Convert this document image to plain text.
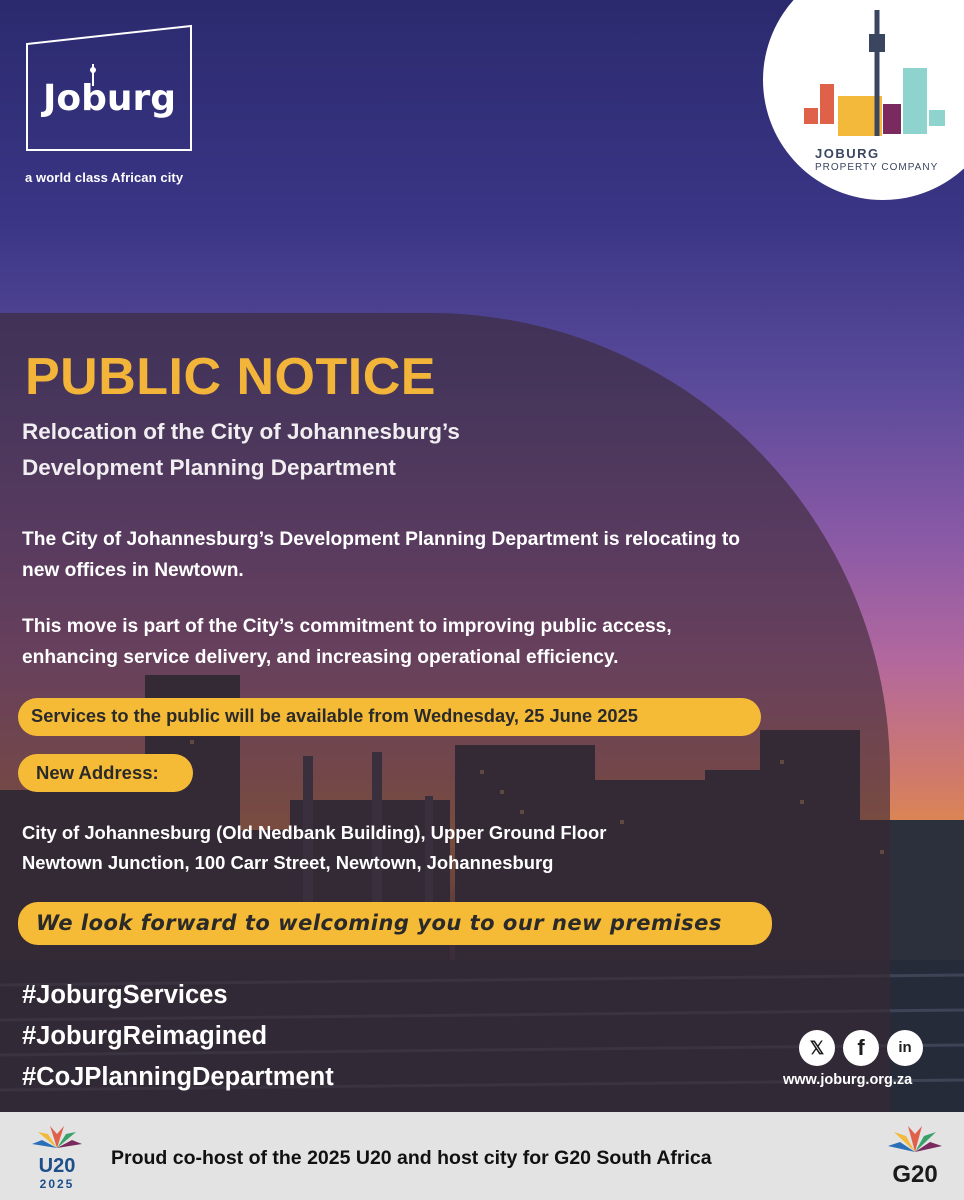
Joburg
a world class African city
JOBURG
PROPERTY COMPANY
PUBLIC NOTICE
Relocation of the City of Johannesburg’s
Development Planning Department
The City of Johannesburg’s Development Planning Department is relocating to new offices in Newtown.
This move is part of the City’s commitment to improving public access,
enhancing service delivery, and increasing operational efficiency.
Services to the public will be available from Wednesday, 25 June 2025
New Address:
City of Johannesburg (Old Nedbank Building), Upper Ground Floor
Newtown Junction, 100 Carr Street, Newtown, Johannesburg
We look forward to welcoming you to our new premises
#JoburgServices
#JoburgReimagined
#CoJPlanningDepartment
𝕏	f	in
www.joburg.org.za
U20
2025
Proud co-host of the 2025 U20 and host city for G20 South Africa
G20
